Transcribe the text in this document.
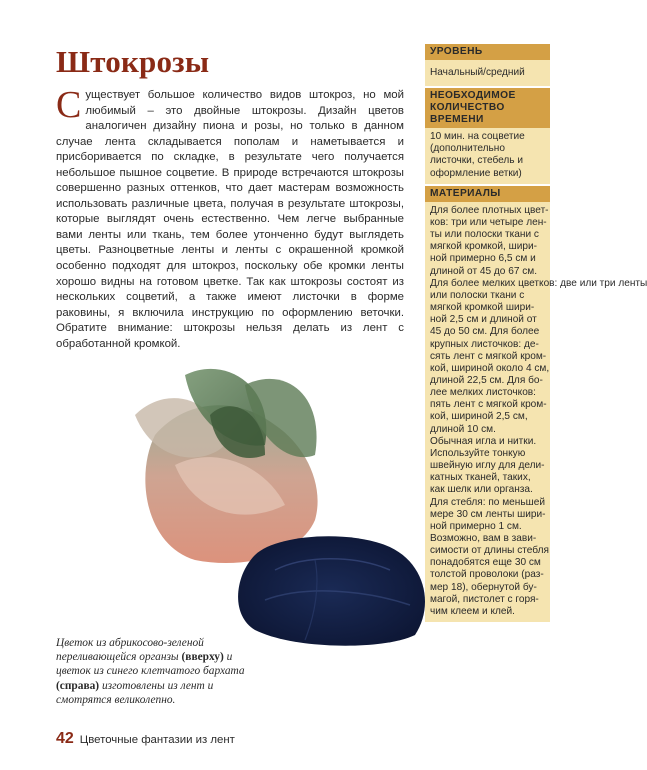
Штокрозы
Существует большое количество видов штокроз, но мой любимый – это двойные штокрозы. Дизайн цветов аналогичен дизайну пиона и розы, но только в данном случае лента складывается пополам и наметывается и присборивается по складке, в результате чего получается небольшое пышное соцветие. В природе встречаются штокрозы совершенно разных оттенков, что дает мастерам возможность использовать различные цвета, получая в результате штокрозы, которые выглядят очень естественно. Чем легче выбранные вами ленты или ткань, тем более утонченно будут выглядеть цветы. Разноцветные ленты и ленты с окрашенной кромкой особенно подходят для штокроз, поскольку обе кромки ленты хорошо видны на готовом цветке. Так как штокрозы состоят из нескольких соцветий, а также имеют листочки в форме раковины, я включила инструкцию по оформлению веточки. Обратите внимание: штокрозы нельзя делать из лент с обработанной кромкой.
УРОВЕНЬ
Начальный/средний
НЕОБХОДИМОЕ КОЛИЧЕСТВО ВРЕМЕНИ
10 мин. на соцветие (дополнительно листочки, стебель и оформление ветки)
МАТЕРИАЛЫ
Для более плотных цвет-
ков: три или четыре лен-
ты или полоски ткани с
мягкой кромкой, шири-
ной примерно 6,5 см и
длиной от 45 до 67 см.
Для более мелких цветков: две или три ленты
или полоски ткани с
мягкой кромкой шири-
ной 2,5 см и длиной от
45 до 50 см. Для более
крупных листочков: де-
сять лент с мягкой кром-
кой, шириной около 4 см,
длиной 22,5 см. Для бо-
лее мелких листочков:
пять лент с мягкой кром-
кой, шириной 2,5 см,
длиной 10 см.
Обычная игла и нитки.
Используйте тонкую
швейную иглу для дели-
катных тканей, таких,
как шелк или органза.
Для стебля: по меньшей
мере 30 см ленты шири-
ной примерно 1 см.
Возможно, вам в зави-
симости от длины стебля
понадобятся еще 30 см
толстой проволоки (раз-
мер 18), обернутой бу-
магой, пистолет с горя-
чим клеем и клей.
Цветок из абрикосово-зеленой переливающейся органзы (вверху) и цветок из синего клетчатого бархата (справа) изготовлены из лент и смотрятся великолепно.
42 Цветочные фантазии из лент
